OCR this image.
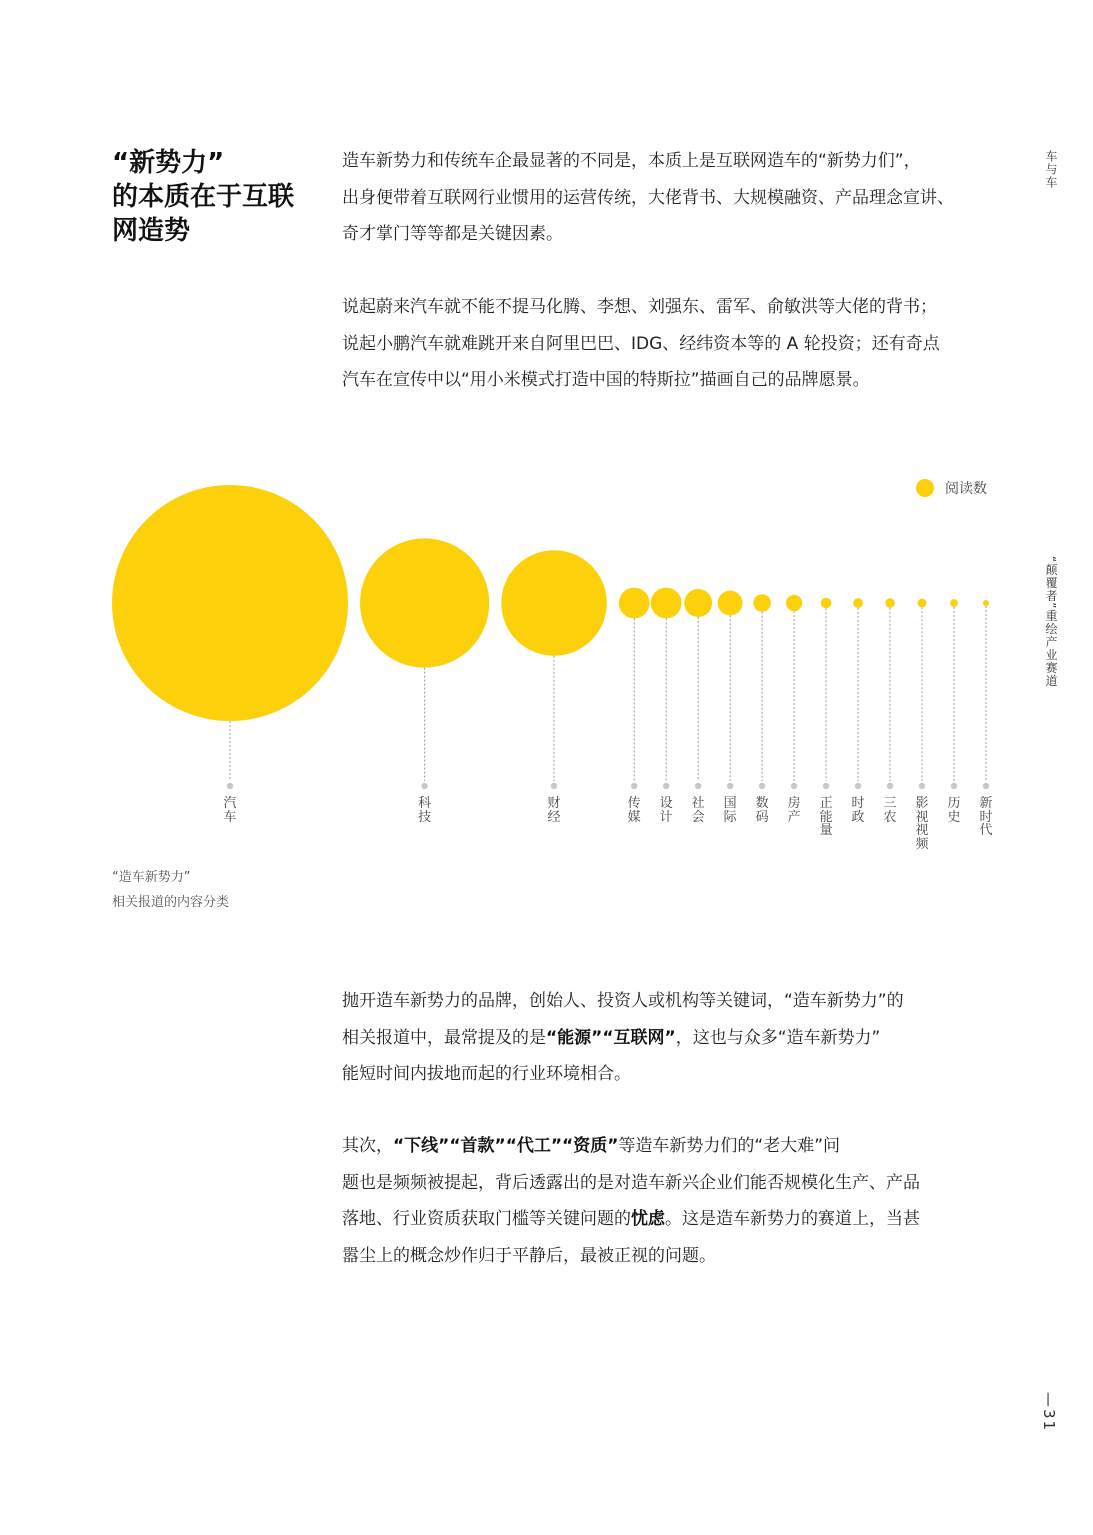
“新势力”
的本质在于互联
网造势
造车新势力和传统车企最显著的不同是，本质上是互联网造车的“新势力们”，
出身便带着互联网行业惯用的运营传统，大佬背书、大规模融资、产品理念宣讲、
奇才掌门等等都是关键因素。
说起蔚来汽车就不能不提马化腾、李想、刘强东、雷军、俞敏洪等大佬的背书；
说起小鹏汽车就难跳开来自阿里巴巴、IDG、经纬资本等的 A 轮投资；还有奇点
汽车在宣传中以“用小米模式打造中国的特斯拉”描画自己的品牌愿景。
阅读数
汽车
科技
财经
传媒
设计
社会
国际
数码
房产
正能量
时政
三农
影视视频
历史
新时代
“造车新势力”
相关报道的内容分类
抛开造车新势力的品牌，创始人、投资人或机构等关键词，“造车新势力”的
相关报道中，最常提及的是“能源”“互联网”，这也与众多“造车新势力”
能短时间内拔地而起的行业环境相合。
其次，“下线”“首款”“代工”“资质”等造车新势力们的“老大难”问
题也是频频被提起，背后透露出的是对造车新兴企业们能否规模化生产、产品
落地、行业资质获取门槛等关键问题的忧虑。这是造车新势力的赛道上，当甚
嚣尘上的概念炒作归于平静后，最被正视的问题。
车与车
“颠覆者”重绘产业赛道
—31
